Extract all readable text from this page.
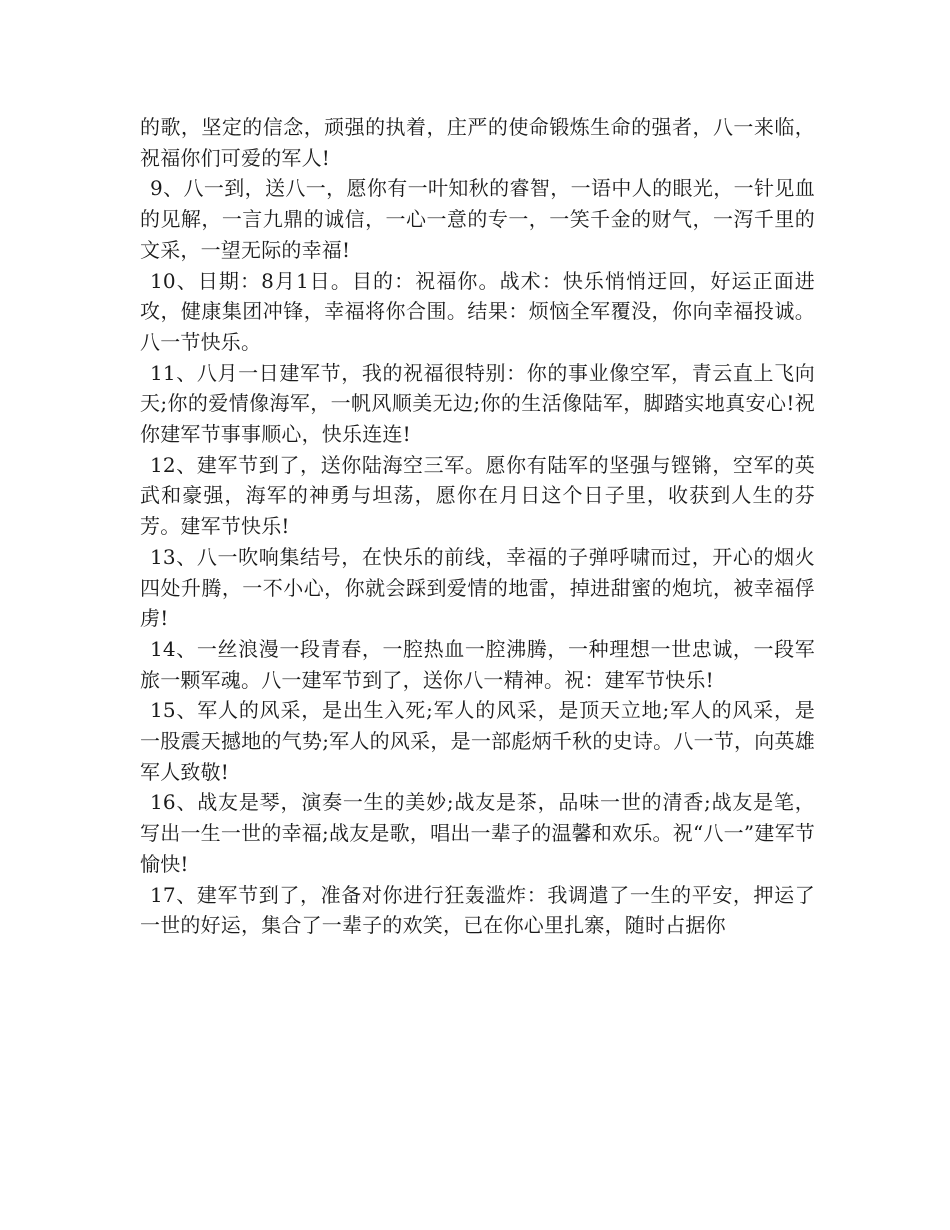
的歌，坚定的信念，顽强的执着，庄严的使命锻炼生命的强者，八一来临，祝福你们可爱的军人!

9、八一到，送八一，愿你有一叶知秋的睿智，一语中人的眼光，一针见血的见解，一言九鼎的诚信，一心一意的专一，一笑千金的财气，一泻千里的文采，一望无际的幸福!

10、日期：8月1日。目的：祝福你。战术：快乐悄悄迂回，好运正面进攻，健康集团冲锋，幸福将你合围。结果：烦恼全军覆没，你向幸福投诚。八一节快乐。

11、八月一日建军节，我的祝福很特别：你的事业像空军，青云直上飞向天;你的爱情像海军，一帆风顺美无边;你的生活像陆军，脚踏实地真安心!祝你建军节事事顺心，快乐连连!

12、建军节到了，送你陆海空三军。愿你有陆军的坚强与铿锵，空军的英武和豪强，海军的神勇与坦荡，愿你在月日这个日子里，收获到人生的芬芳。建军节快乐!

13、八一吹响集结号，在快乐的前线，幸福的子弹呼啸而过，开心的烟火四处升腾，一不小心，你就会踩到爱情的地雷，掉进甜蜜的炮坑，被幸福俘虏!

14、一丝浪漫一段青春，一腔热血一腔沸腾，一种理想一世忠诚，一段军旅一颗军魂。八一建军节到了，送你八一精神。祝：建军节快乐!

15、军人的风采，是出生入死;军人的风采，是顶天立地;军人的风采，是一股震天撼地的气势;军人的风采，是一部彪炳千秋的史诗。八一节，向英雄军人致敬!

16、战友是琴，演奏一生的美妙;战友是茶，品味一世的清香;战友是笔，写出一生一世的幸福;战友是歌，唱出一辈子的温馨和欢乐。祝“八一”建军节愉快!

17、建军节到了，准备对你进行狂轰滥炸：我调遣了一生的平安，押运了一世的好运，集合了一辈子的欢笑，已在你心里扎寨，随时占据你
